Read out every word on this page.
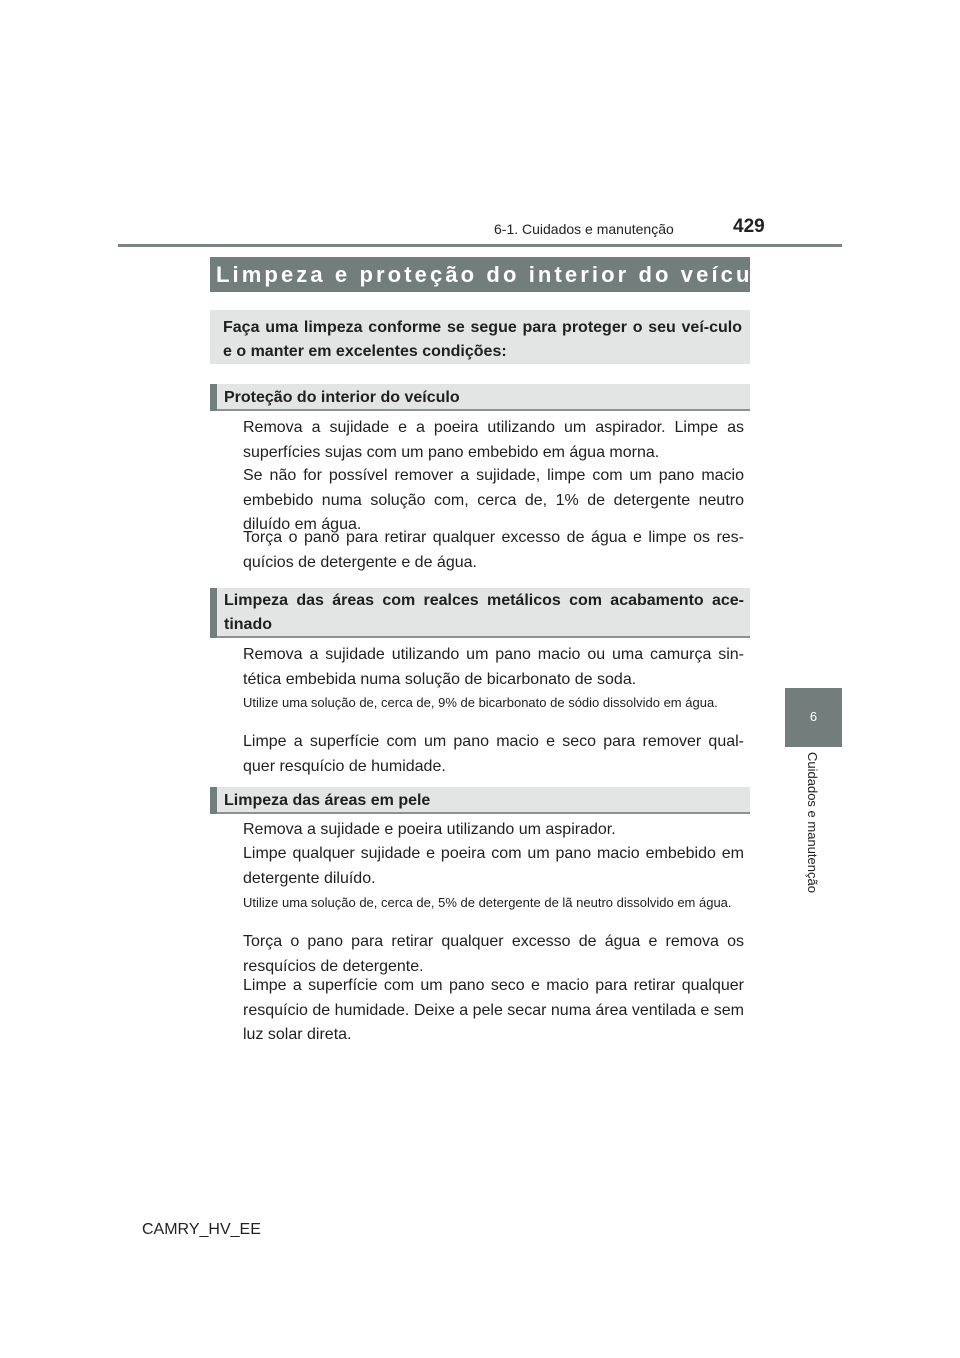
6-1. Cuidados e manutenção	429
6
Cuidados e manutenção
Limpeza e proteção do interior do veículo
Faça uma limpeza conforme se segue para proteger o seu veí-culo e o manter em excelentes condições:
Proteção do interior do veículo
Remova a sujidade e a poeira utilizando um aspirador. Limpe as superfícies sujas com um pano embebido em água morna.
Se não for possível remover a sujidade, limpe com um pano macio embebido numa solução com, cerca de, 1% de detergente neutro diluído em água.
Torça o pano para retirar qualquer excesso de água e limpe os res-quícios de detergente e de água.
Limpeza das áreas com realces metálicos com acabamento ace-tinado
Remova a sujidade utilizando um pano macio ou uma camurça sin-tética embebida numa solução de bicarbonato de soda.
Utilize uma solução de, cerca de, 9% de bicarbonato de sódio dissolvido em água.
Limpe a superfície com um pano macio e seco para remover qual-quer resquício de humidade.
Limpeza das áreas em pele
Remova a sujidade e poeira utilizando um aspirador.
Limpe qualquer sujidade e poeira com um pano macio embebido em detergente diluído.
Utilize uma solução de, cerca de, 5% de detergente de lã neutro dissolvido em água.
Torça o pano para retirar qualquer excesso de água e remova os resquícios de detergente.
Limpe a superfície com um pano seco e macio para retirar qualquer resquício de humidade. Deixe a pele secar numa área ventilada e sem luz solar direta.
CAMRY_HV_EE
